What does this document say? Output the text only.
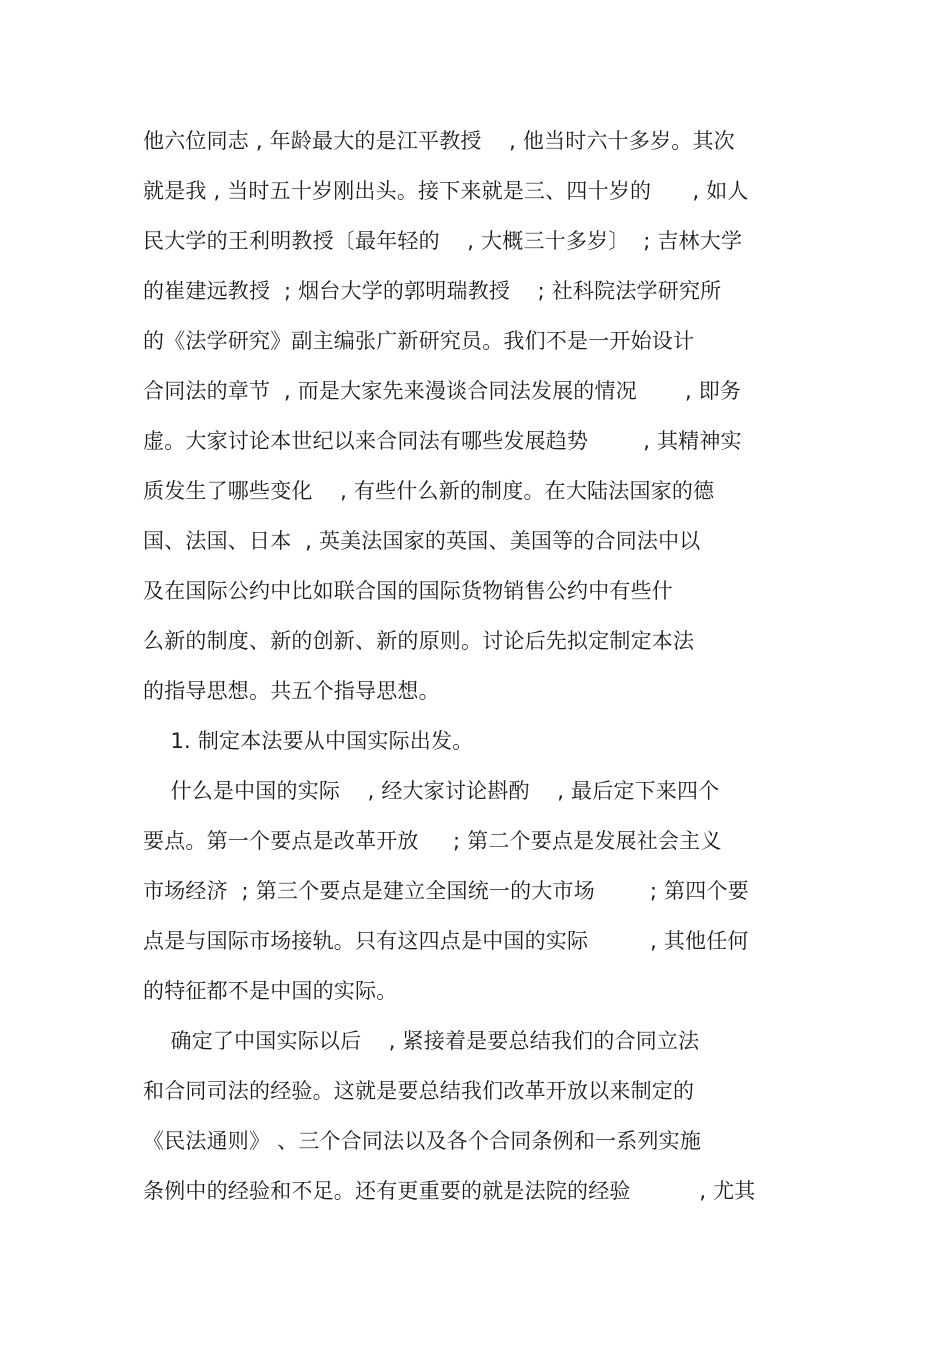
他六位同志 , 年龄最大的是江平教授    , 他当时六十多岁。其次

就是我 , 当时五十岁刚出头。接下来就是三、四十岁的      , 如人

民大学的王利明教授〔最年轻的    , 大概三十多岁〕  ; 吉林大学

的崔建远教授  ; 烟台大学的郭明瑞教授    ; 社科院法学研究所

的《法学研究》副主编张广新研究员。我们不是一开始设计

合同法的章节  , 而是大家先来漫谈合同法发展的情况       , 即务

虚。大家讨论本世纪以来合同法有哪些发展趋势        , 其精神实

质发生了哪些变化    , 有些什么新的制度。在大陆法国家的德

国、法国、日本  , 英美法国家的英国、美国等的合同法中以

及在国际公约中比如联合国的国际货物销售公约中有些什

么新的制度、新的创新、新的原则。讨论后先拟定制定本法

的指导思想。共五个指导思想。

1. 制定本法要从中国实际出发。

什么是中国的实际    , 经大家讨论斟酌    , 最后定下来四个

要点。第一个要点是改革开放     ; 第二个要点是发展社会主义

市场经济  ; 第三个要点是建立全国统一的大市场        ; 第四个要

点是与国际市场接轨。只有这四点是中国的实际         , 其他任何

的特征都不是中国的实际。

确定了中国实际以后    , 紧接着是要总结我们的合同立法

和合同司法的经验。这就是要总结我们改革开放以来制定的

《民法通则》 、三个合同法以及各个合同条例和一系列实施

条例中的经验和不足。还有更重要的就是法院的经验          , 尤其
